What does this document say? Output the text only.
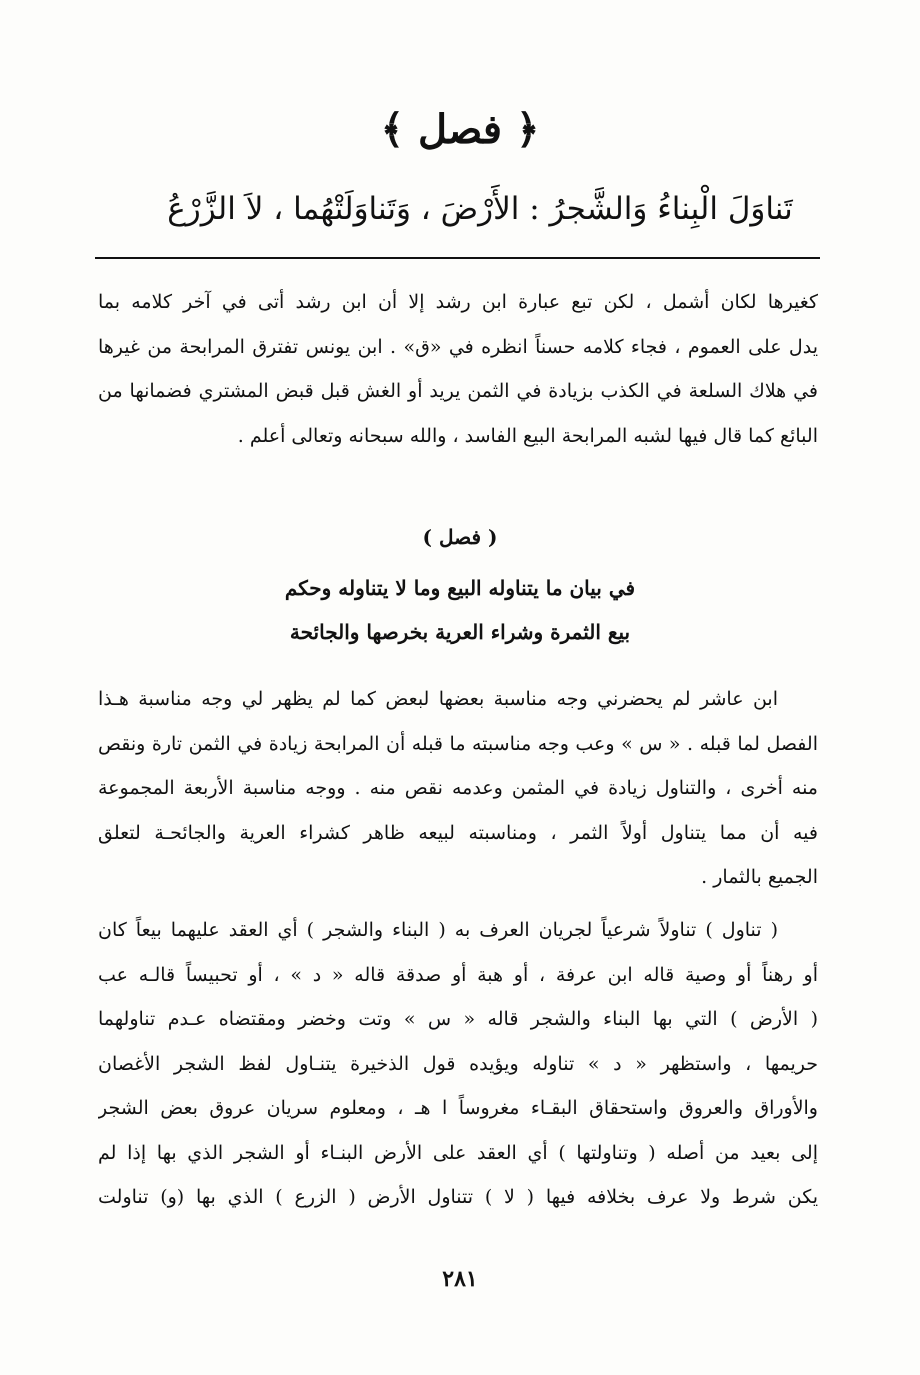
﴿ فصل ﴾
تَناوَلَ الْبِناءُ وَالشَّجرُ : الأَرْضَ ، وَتَناوَلَتْهُما ، لاَ الزَّرْعُ
كغيرها لكان أشمل ، لكن تبع عبارة ابن رشد إلا أن ابن رشد أتى في آخر كلامه بما
يدل على العموم ، فجاء كلامه حسناً انظره في «ق» . ابن يونس تفترق المرابحة من غيرها
في هلاك السلعة في الكذب بزيادة في الثمن يريد أو الغش قبل قبض المشتري فضمانها من
البائع كما قال فيها لشبه المرابحة البيع الفاسد ، والله سبحانه وتعالى أعلم .
( فصل )
في بيان ما يتناوله البيع وما لا يتناوله وحكم
بيع الثمرة وشراء العرية بخرصها والجائحة
ابن عاشر لم يحضرني وجه مناسبة بعضها لبعض كما لم يظهر لي وجه مناسبة هـذا
الفصل لما قبله . « س » وعب وجه مناسبته ما قبله أن المرابحة زيادة في الثمن تارة ونقص
منه أخرى ، والتناول زيادة في المثمن وعدمه نقص منه . ووجه مناسبة الأربعة المجموعة
فيه أن مما يتناول أولاً الثمر ، ومناسبته لبيعه ظاهر كشراء العرية والجائحـة لتعلق
الجميع بالثمار .
( تناول ) تناولاً شرعياً لجريان العرف به ( البناء والشجر ) أي العقد عليهما بيعاً كان
أو رهناً أو وصية قاله ابن عرفة ، أو هبة أو صدقة قاله « د » ، أو تحبيساً قالـه عب
( الأرض ) التي بها البناء والشجر قاله « س » وتت وخضر ومقتضاه عـدم تناولهما
حريمها ، واستظهر « د » تناوله ويؤيده قول الذخيرة يتنـاول لفظ الشجر الأغصان
والأوراق والعروق واستحقاق البقـاء مغروساً ا هـ ، ومعلوم سريان عروق بعض الشجر
إلى بعيد من أصله ( وتناولتها ) أي العقد على الأرض البنـاء أو الشجر الذي بها إذا لم
يكن شرط ولا عرف بخلافه فيها ( لا ) تتناول الأرض ( الزرع ) الذي بها (و) تناولت
٢٨١
